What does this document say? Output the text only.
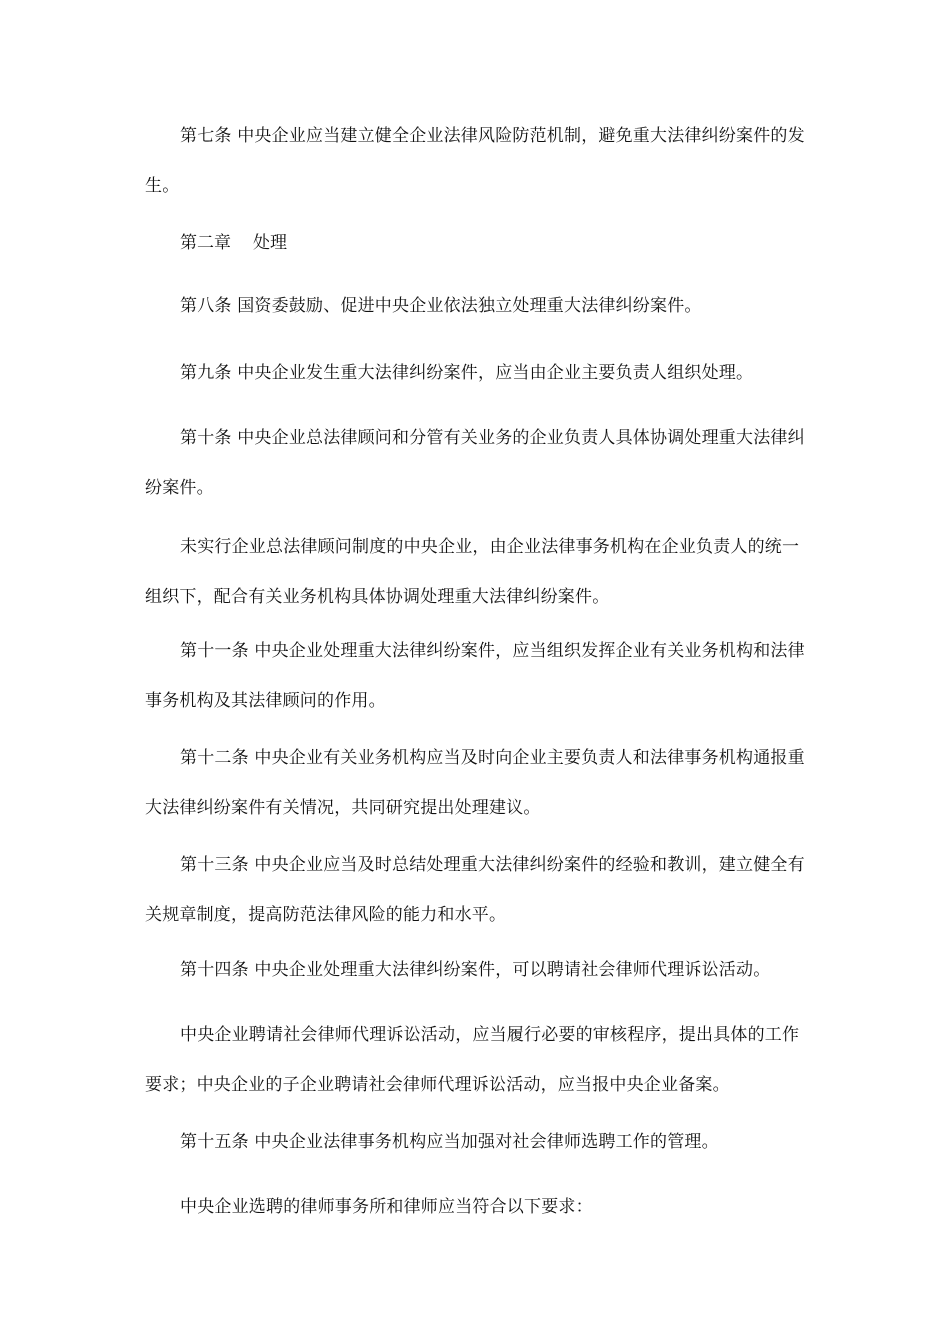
第七条 中央企业应当建立健全企业法律风险防范机制，避免重大法律纠纷案件的发生。

第二章 处理

第八条 国资委鼓励、促进中央企业依法独立处理重大法律纠纷案件。

第九条 中央企业发生重大法律纠纷案件，应当由企业主要负责人组织处理。

第十条 中央企业总法律顾问和分管有关业务的企业负责人具体协调处理重大法律纠纷案件。

未实行企业总法律顾问制度的中央企业，由企业法律事务机构在企业负责人的统一组织下，配合有关业务机构具体协调处理重大法律纠纷案件。

第十一条 中央企业处理重大法律纠纷案件，应当组织发挥企业有关业务机构和法律事务机构及其法律顾问的作用。

第十二条 中央企业有关业务机构应当及时向企业主要负责人和法律事务机构通报重大法律纠纷案件有关情况，共同研究提出处理建议。

第十三条 中央企业应当及时总结处理重大法律纠纷案件的经验和教训，建立健全有关规章制度，提高防范法律风险的能力和水平。

第十四条 中央企业处理重大法律纠纷案件，可以聘请社会律师代理诉讼活动。

中央企业聘请社会律师代理诉讼活动，应当履行必要的审核程序，提出具体的工作要求；中央企业的子企业聘请社会律师代理诉讼活动，应当报中央企业备案。

第十五条 中央企业法律事务机构应当加强对社会律师选聘工作的管理。

中央企业选聘的律师事务所和律师应当符合以下要求：
